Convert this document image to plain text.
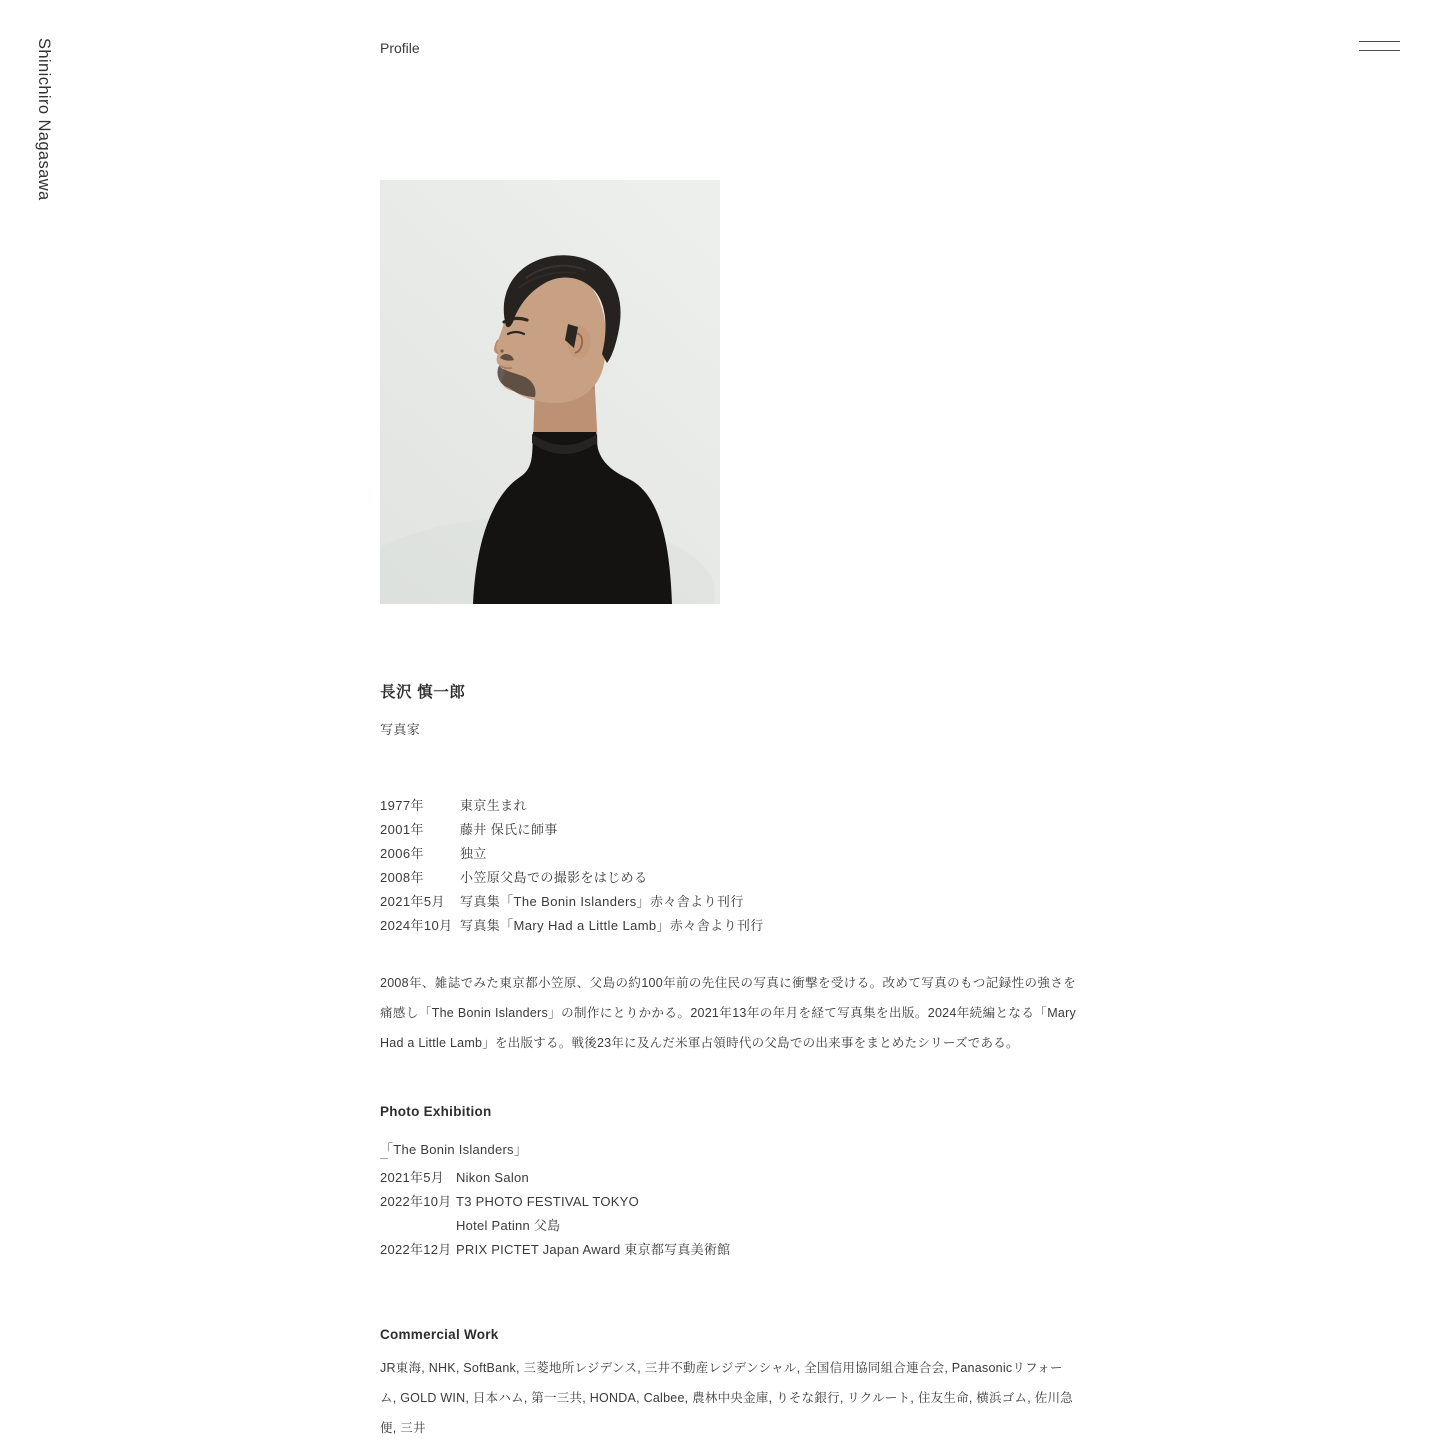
Shinichiro Nagasawa	Profile
長沢 慎一郎
写真家
1977年	東京生まれ
2001年	藤井 保氏に師事
2006年	独立
2008年	小笠原父島での撮影をはじめる
2021年5月	写真集「The Bonin Islanders」赤々舎より刊行
2024年10月 写真集「Mary Had a Little Lamb」赤々舎より刊行

2008年、雑誌でみた東京都小笠原、父島の約100年前の先住民の写真に衝撃を受ける。改めて写真のもつ記録性の強さを痛感し「The Bonin Islanders」の制作にとりかかる。2021年13年の年月を経て写真集を出版。2024年続編となる「Mary Had a Little Lamb」を出版する。戦後23年に及んだ米軍占領時代の父島での出来事をまとめたシリーズである。

Photo Exhibition
「The Bonin Islanders」
2021年5月 Nikon Salon
2022年10月 T3 PHOTO FESTIVAL TOKYO
Hotel Patinn 父島
2022年12月 PRIX PICTET Japan Award 東京都写真美術館
Commercial Work

JR東海, NHK, SoftBank, 三菱地所レジデンス, 三井不動産レジデンシャル, 全国信用協同組合連合会, Panasonicリフォーム, GOLD WIN, 日本ハム, 第一三共, HONDA, Calbee, 農林中央金庫, りそな銀行, リクルート, 住友生命, 横浜ゴム, 佐川急便, 三井
